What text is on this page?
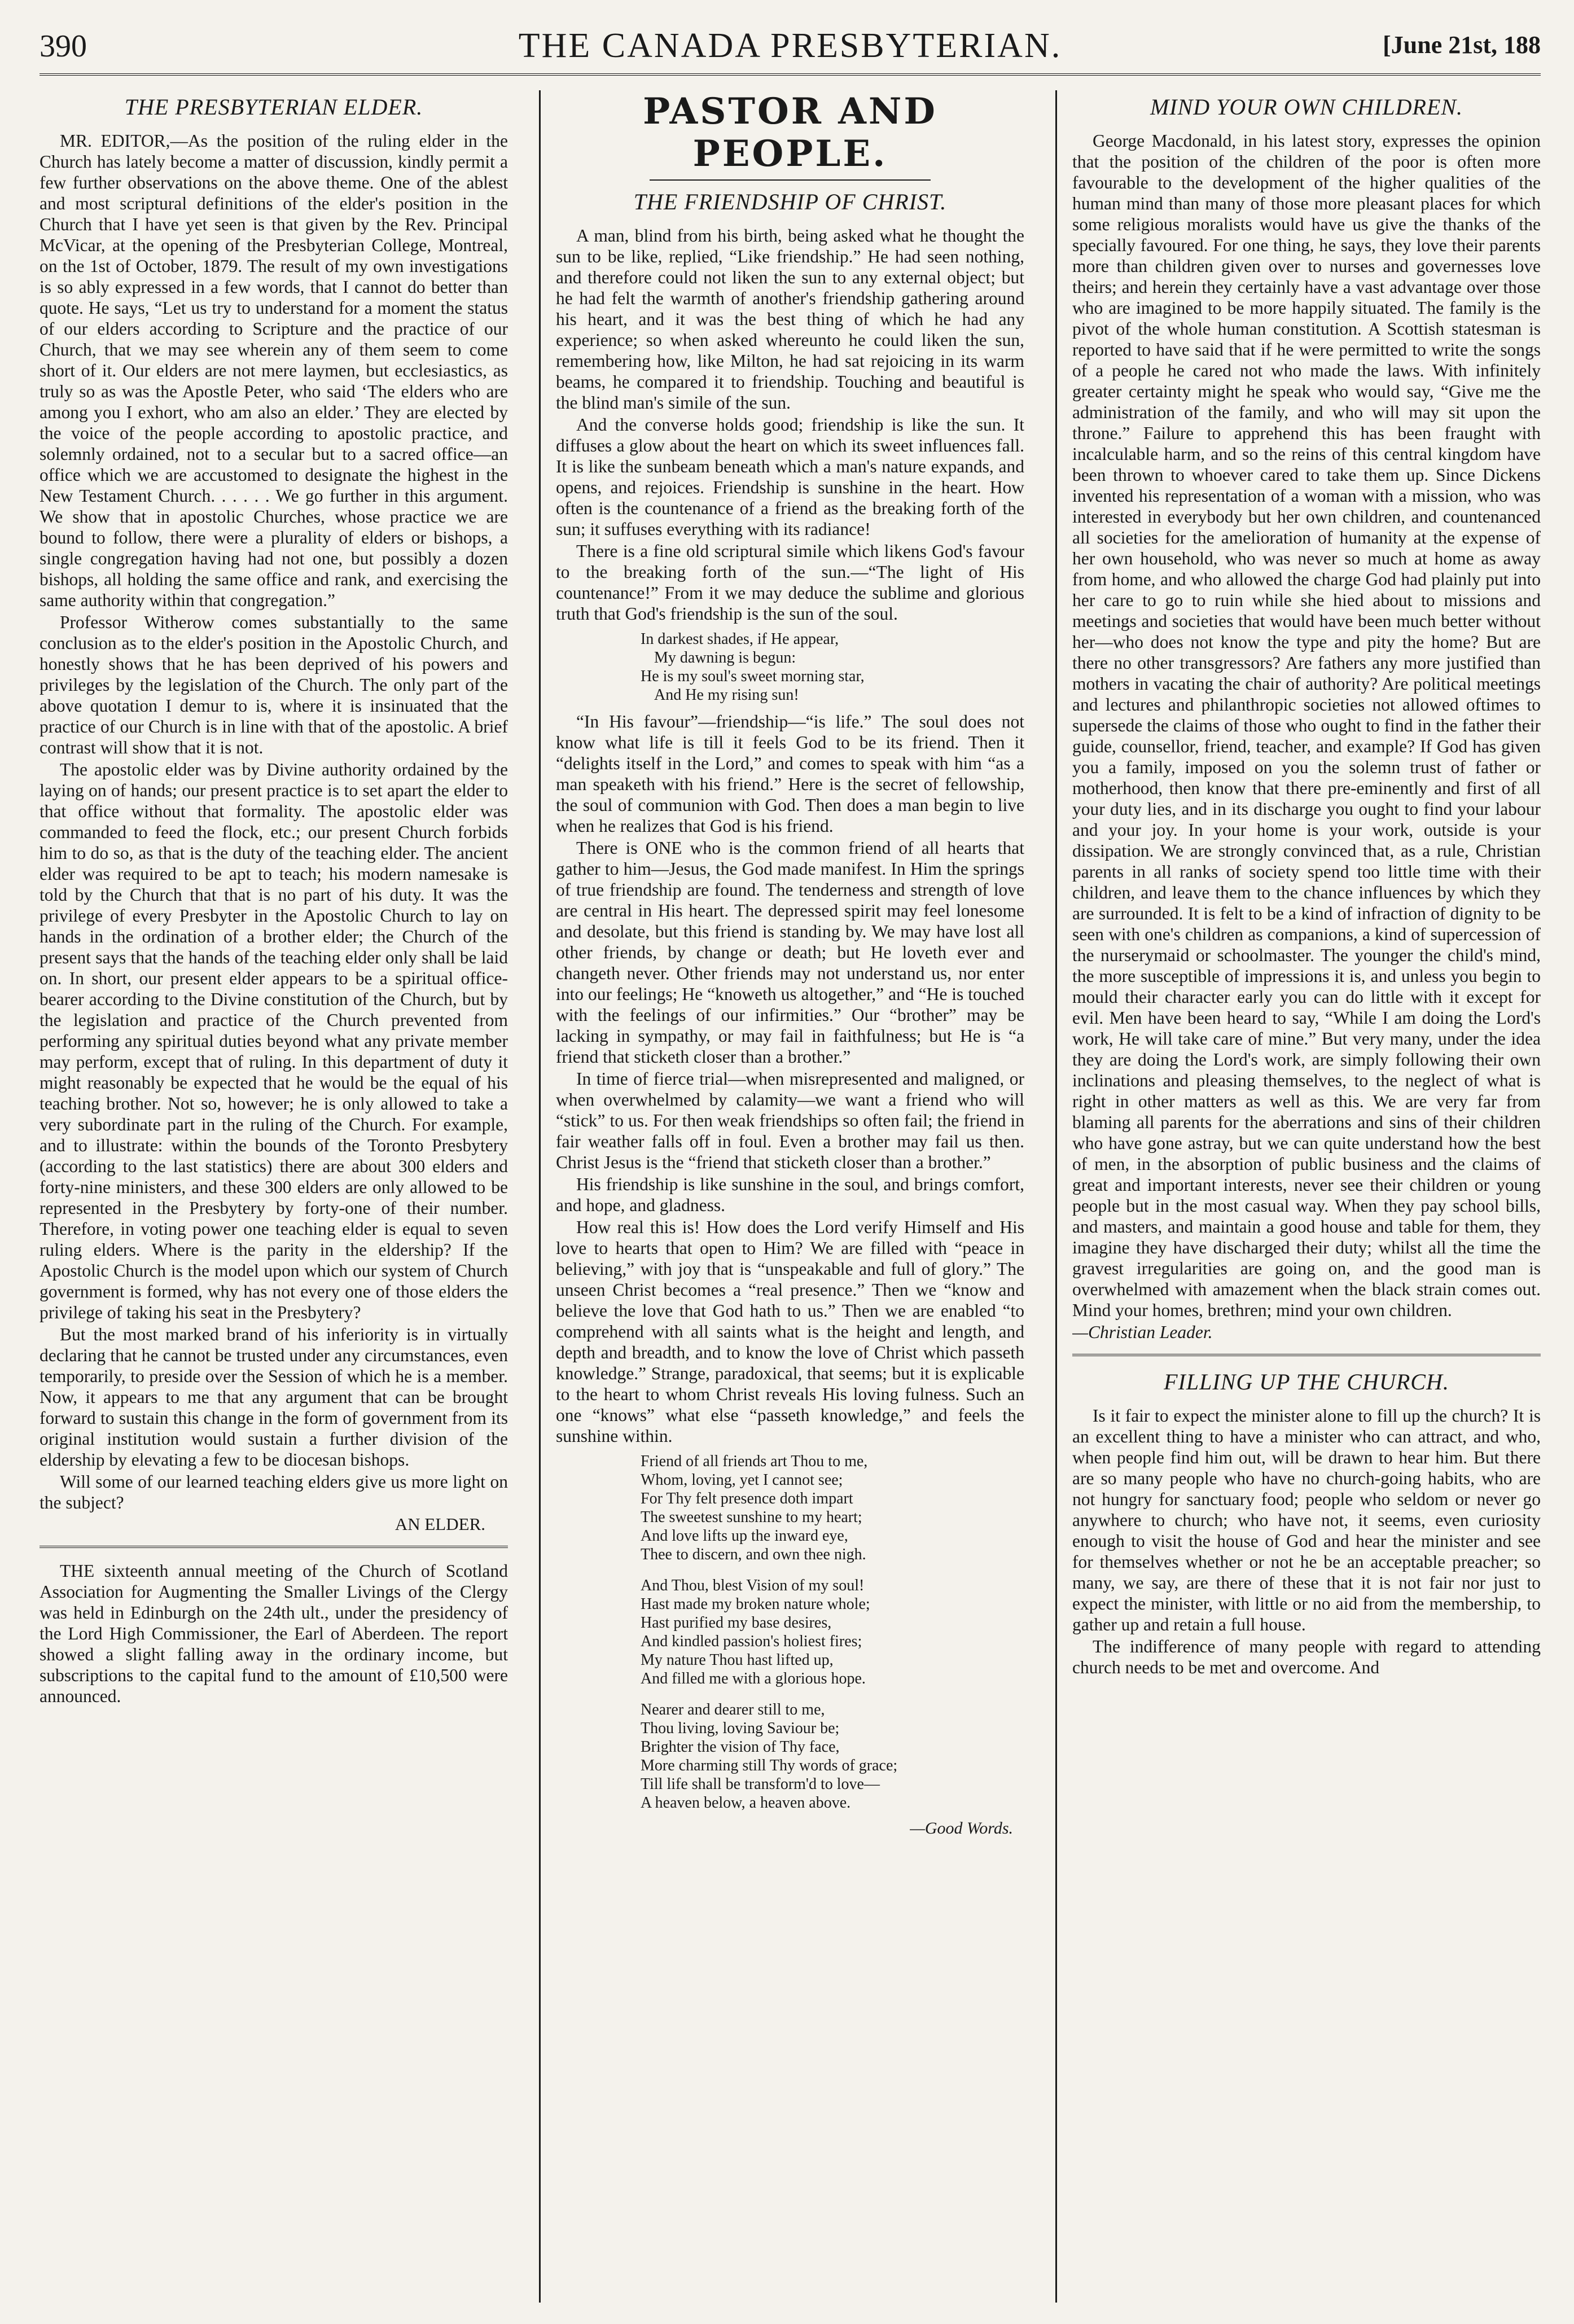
390	THE CANADA PRESBYTERIAN.	[June 21st, 188
THE PRESBYTERIAN ELDER.

MR. EDITOR,—As the position of the ruling elder in the Church has lately become a matter of discussion, kindly permit a few further observations on the above theme. One of the ablest and most scriptural definitions of the elder's position in the Church that I have yet seen is that given by the Rev. Principal McVicar, at the opening of the Presbyterian College, Montreal, on the 1st of October, 1879. The result of my own investigations is so ably expressed in a few words, that I cannot do better than quote. He says, “Let us try to understand for a moment the status of our elders according to Scripture and the practice of our Church, that we may see wherein any of them seem to come short of it. Our elders are not mere laymen, but ecclesiastics, as truly so as was the Apostle Peter, who said ‘The elders who are among you I exhort, who am also an elder.’ They are elected by the voice of the people according to apostolic practice, and solemnly ordained, not to a secular but to a sacred office—an office which we are accustomed to designate the highest in the New Testament Church. . . . . . We go further in this argument. We show that in apostolic Churches, whose practice we are bound to follow, there were a plurality of elders or bishops, a single congregation having had not one, but possibly a dozen bishops, all holding the same office and rank, and exercising the same authority within that congregation.”

Professor Witherow comes substantially to the same conclusion as to the elder's position in the Apostolic Church, and honestly shows that he has been deprived of his powers and privileges by the legislation of the Church. The only part of the above quotation I demur to is, where it is insinuated that the practice of our Church is in line with that of the apostolic. A brief contrast will show that it is not.

The apostolic elder was by Divine authority ordained by the laying on of hands; our present practice is to set apart the elder to that office without that formality. The apostolic elder was commanded to feed the flock, etc.; our present Church forbids him to do so, as that is the duty of the teaching elder. The ancient elder was required to be apt to teach; his modern namesake is told by the Church that that is no part of his duty. It was the privilege of every Presbyter in the Apostolic Church to lay on hands in the ordination of a brother elder; the Church of the present says that the hands of the teaching elder only shall be laid on. In short, our present elder appears to be a spiritual office-bearer according to the Divine constitution of the Church, but by the legislation and practice of the Church prevented from performing any spiritual duties beyond what any private member may perform, except that of ruling. In this department of duty it might reasonably be expected that he would be the equal of his teaching brother. Not so, however; he is only allowed to take a very subordinate part in the ruling of the Church. For example, and to illustrate: within the bounds of the Toronto Presbytery (according to the last statistics) there are about 300 elders and forty-nine ministers, and these 300 elders are only allowed to be represented in the Presbytery by forty-one of their number. Therefore, in voting power one teaching elder is equal to seven ruling elders. Where is the parity in the eldership? If the Apostolic Church is the model upon which our system of Church government is formed, why has not every one of those elders the privilege of taking his seat in the Presbytery?

But the most marked brand of his inferiority is in virtually declaring that he cannot be trusted under any circumstances, even temporarily, to preside over the Session of which he is a member. Now, it appears to me that any argument that can be brought forward to sustain this change in the form of government from its original institution would sustain a further division of the eldership by elevating a few to be diocesan bishops.

Will some of our learned teaching elders give us more light on the subject?

AN ELDER.

THE sixteenth annual meeting of the Church of Scotland Association for Augmenting the Smaller Livings of the Clergy was held in Edinburgh on the 24th ult., under the presidency of the Lord High Commissioner, the Earl of Aberdeen. The report showed a slight falling away in the ordinary income, but subscriptions to the capital fund to the amount of £10,500 were announced.

PASTOR AND PEOPLE.
THE FRIENDSHIP OF CHRIST.

A man, blind from his birth, being asked what he thought the sun to be like, replied, “Like friendship.” He had seen nothing, and therefore could not liken the sun to any external object; but he had felt the warmth of another's friendship gathering around his heart, and it was the best thing of which he had any experience; so when asked whereunto he could liken the sun, remembering how, like Milton, he had sat rejoicing in its warm beams, he compared it to friendship. Touching and beautiful is the blind man's simile of the sun.

And the converse holds good; friendship is like the sun. It diffuses a glow about the heart on which its sweet influences fall. It is like the sunbeam beneath which a man's nature expands, and opens, and rejoices. Friendship is sunshine in the heart. How often is the countenance of a friend as the breaking forth of the sun; it suffuses everything with its radiance!

There is a fine old scriptural simile which likens God's favour to the breaking forth of the sun.—“The light of His countenance!” From it we may deduce the sublime and glorious truth that God's friendship is the sun of the soul.

In darkest shades, if He appear,
My dawning is begun:
He is my soul's sweet morning star,
And He my rising sun!

“In His favour”—friendship—“is life.” The soul does not know what life is till it feels God to be its friend. Then it “delights itself in the Lord,” and comes to speak with him “as a man speaketh with his friend.” Here is the secret of fellowship, the soul of communion with God. Then does a man begin to live when he realizes that God is his friend.

There is ONE who is the common friend of all hearts that gather to him—Jesus, the God made manifest. In Him the springs of true friendship are found. The tenderness and strength of love are central in His heart. The depressed spirit may feel lonesome and desolate, but this friend is standing by. We may have lost all other friends, by change or death; but He loveth ever and changeth never. Other friends may not understand us, nor enter into our feelings; He “knoweth us altogether,” and “He is touched with the feelings of our infirmities.” Our “brother” may be lacking in sympathy, or may fail in faithfulness; but He is “a friend that sticketh closer than a brother.”

In time of fierce trial—when misrepresented and maligned, or when overwhelmed by calamity—we want a friend who will “stick” to us. For then weak friendships so often fail; the friend in fair weather falls off in foul. Even a brother may fail us then. Christ Jesus is the “friend that sticketh closer than a brother.”

His friendship is like sunshine in the soul, and brings comfort, and hope, and gladness.

How real this is! How does the Lord verify Himself and His love to hearts that open to Him? We are filled with “peace in believing,” with joy that is “unspeakable and full of glory.” The unseen Christ becomes a “real presence.” Then we “know and believe the love that God hath to us.” Then we are enabled “to comprehend with all saints what is the height and length, and depth and breadth, and to know the love of Christ which passeth knowledge.” Strange, paradoxical, that seems; but it is explicable to the heart to whom Christ reveals His loving fulness. Such an one “knows” what else “passeth knowledge,” and feels the sunshine within.

Friend of all friends art Thou to me,
Whom, loving, yet I cannot see;
For Thy felt presence doth impart
The sweetest sunshine to my heart;
And love lifts up the inward eye,
Thee to discern, and own thee nigh.
And Thou, blest Vision of my soul!
Hast made my broken nature whole;
Hast purified my base desires,
And kindled passion's holiest fires;
My nature Thou hast lifted up,
And filled me with a glorious hope.
Nearer and dearer still to me,
Thou living, loving Saviour be;
Brighter the vision of Thy face,
More charming still Thy words of grace;
Till life shall be transform'd to love—
A heaven below, a heaven above.
—Good Words.
MIND YOUR OWN CHILDREN.

George Macdonald, in his latest story, expresses the opinion that the position of the children of the poor is often more favourable to the development of the higher qualities of the human mind than many of those more pleasant places for which some religious moralists would have us give the thanks of the specially favoured. For one thing, he says, they love their parents more than children given over to nurses and governesses love theirs; and herein they certainly have a vast advantage over those who are imagined to be more happily situated. The family is the pivot of the whole human constitution. A Scottish statesman is reported to have said that if he were permitted to write the songs of a people he cared not who made the laws. With infinitely greater certainty might he speak who would say, “Give me the administration of the family, and who will may sit upon the throne.” Failure to apprehend this has been fraught with incalculable harm, and so the reins of this central kingdom have been thrown to whoever cared to take them up. Since Dickens invented his representation of a woman with a mission, who was interested in everybody but her own children, and countenanced all societies for the amelioration of humanity at the expense of her own household, who was never so much at home as away from home, and who allowed the charge God had plainly put into her care to go to ruin while she hied about to missions and meetings and societies that would have been much better without her—who does not know the type and pity the home? But are there no other transgressors? Are fathers any more justified than mothers in vacating the chair of authority? Are political meetings and lectures and philanthropic societies not allowed oftimes to supersede the claims of those who ought to find in the father their guide, counsellor, friend, teacher, and example? If God has given you a family, imposed on you the solemn trust of father or motherhood, then know that there pre-eminently and first of all your duty lies, and in its discharge you ought to find your labour and your joy. In your home is your work, outside is your dissipation. We are strongly convinced that, as a rule, Christian parents in all ranks of society spend too little time with their children, and leave them to the chance influences by which they are surrounded. It is felt to be a kind of infraction of dignity to be seen with one's children as companions, a kind of supercession of the nurserymaid or schoolmaster. The younger the child's mind, the more susceptible of impressions it is, and unless you begin to mould their character early you can do little with it except for evil. Men have been heard to say, “While I am doing the Lord's work, He will take care of mine.” But very many, under the idea they are doing the Lord's work, are simply following their own inclinations and pleasing themselves, to the neglect of what is right in other matters as well as this. We are very far from blaming all parents for the aberrations and sins of their children who have gone astray, but we can quite understand how the best of men, in the absorption of public business and the claims of great and important interests, never see their children or young people but in the most casual way. When they pay school bills, and masters, and maintain a good house and table for them, they imagine they have discharged their duty; whilst all the time the gravest irregularities are going on, and the good man is overwhelmed with amazement when the black strain comes out. Mind your homes, brethren; mind your own children.

—Christian Leader.
FILLING UP THE CHURCH.

Is it fair to expect the minister alone to fill up the church? It is an excellent thing to have a minister who can attract, and who, when people find him out, will be drawn to hear him. But there are so many people who have no church-going habits, who are not hungry for sanctuary food; people who seldom or never go anywhere to church; who have not, it seems, even curiosity enough to visit the house of God and hear the minister and see for themselves whether or not he be an acceptable preacher; so many, we say, are there of these that it is not fair nor just to expect the minister, with little or no aid from the membership, to gather up and retain a full house.

The indifference of many people with regard to attending church needs to be met and overcome. And
